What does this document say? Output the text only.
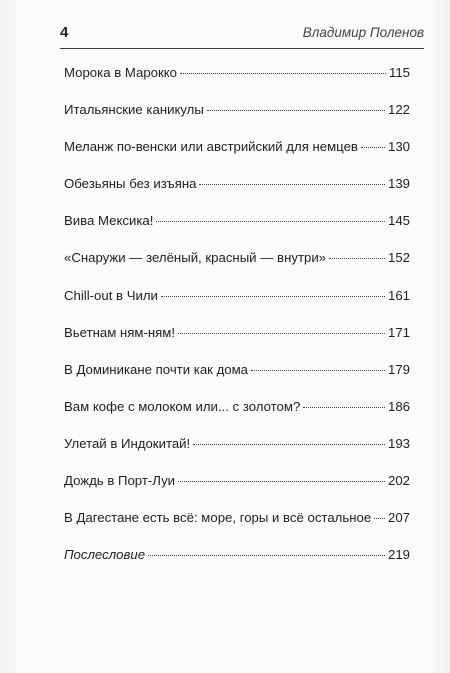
4	Владимир Поленов
Морока в Марокко	115
Итальянские каникулы	122
Меланж по-венски или австрийский для немцев 130
Обезьяны без изъяна	139
Вива Мексика!	145
«Снаружи — зелёный, красный — внутри»	152
Chill-out в Чили	161
Вьетнам ням-ням!	171
В Доминикане почти как дома	179
Вам кофе с молоком или... с золотом?	186
Улетай в Индокитай!	193
Дождь в Порт-Луи	202
В Дагестане есть всё: море, горы и всё остальное 207
Послесловие	219
